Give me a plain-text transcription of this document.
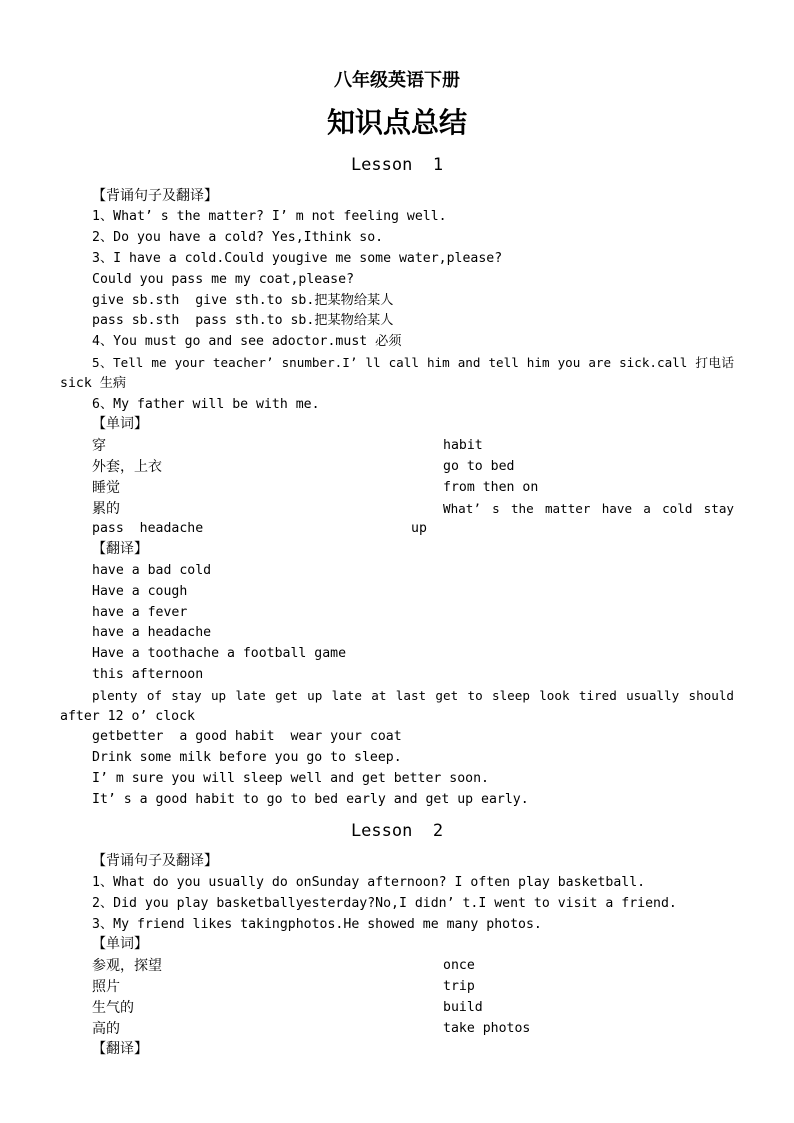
八年级英语下册
知识点总结
Lesson  1
【背诵句子及翻译】
1、What’ s the matter? I’ m not feeling well.
2、Do you have a cold? Yes,Ithink so.
3、I have a cold.Could yougive me some water,please?
Could you pass me my coat,please?
give sb.sth  give sth.to sb.把某物给某人
pass sb.sth  pass sth.to sb.把某物给某人
4、You must go and see adoctor.must 必须
5、Tell me your teacher’ snumber.I’ ll call him and tell him you are sick.call 打电话
sick 生病
6、My father will be with me.
【单词】
穿	habit
外套，上衣	go to bed
睡觉	from then on
累的	What’ s the matter have a cold stay
pass  headache	up
【翻译】
have a bad cold
Have a cough
have a fever
have a headache
Have a toothache a football game
this afternoon
plenty of stay up late get up late at last get to sleep look tired usually should
after 12 o’ clock
getbetter  a good habit  wear your coat
Drink some milk before you go to sleep.
I’ m sure you will sleep well and get better soon.
It’ s a good habit to go to bed early and get up early.
Lesson  2
【背诵句子及翻译】
1、What do you usually do onSunday afternoon? I often play basketball.
2、Did you play basketballyesterday?No,I didn’ t.I went to visit a friend.
3、My friend likes takingphotos.He showed me many photos.
【单词】
参观，探望	once
照片	trip
生气的	build
高的	take photos
【翻译】
